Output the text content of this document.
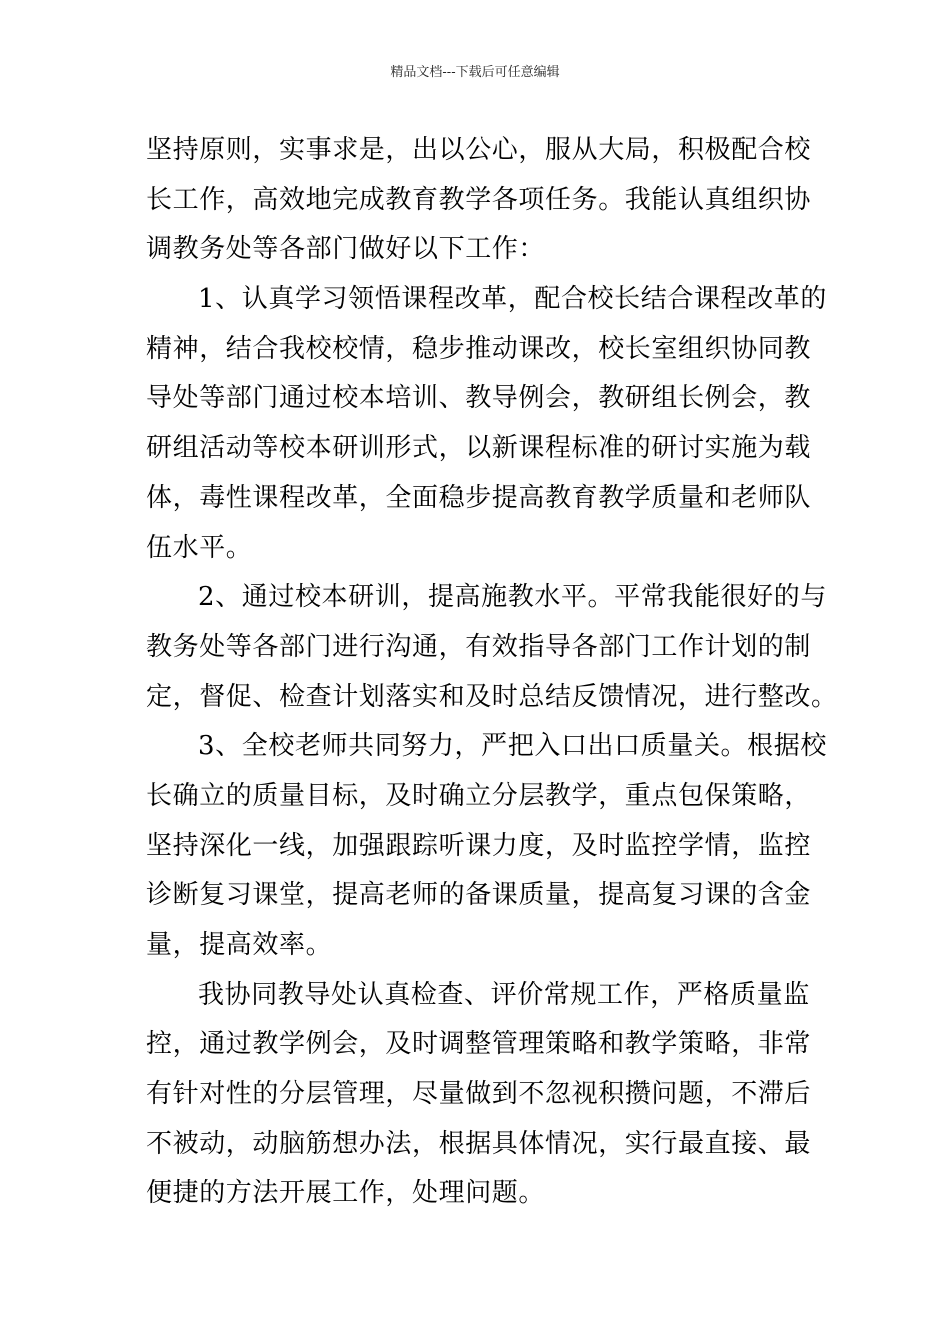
精品文档---下载后可任意编辑
坚持原则，实事求是，出以公心，服从大局，积极配合校
长工作，高效地完成教育教学各项任务。我能认真组织协
调教务处等各部门做好以下工作：
1、认真学习领悟课程改革，配合校长结合课程改革的
精神，结合我校校情，稳步推动课改，校长室组织协同教
导处等部门通过校本培训、教导例会，教研组长例会，教
研组活动等校本研训形式，以新课程标准的研讨实施为载
体，毒性课程改革，全面稳步提高教育教学质量和老师队
伍水平。
2、通过校本研训，提高施教水平。平常我能很好的与
教务处等各部门进行沟通，有效指导各部门工作计划的制
定，督促、检查计划落实和及时总结反馈情况，进行整改。
3、全校老师共同努力，严把入口出口质量关。根据校
长确立的质量目标，及时确立分层教学，重点包保策略，
坚持深化一线，加强跟踪听课力度，及时监控学情，监控
诊断复习课堂，提高老师的备课质量，提高复习课的含金
量，提高效率。
我协同教导处认真检查、评价常规工作，严格质量监
控，通过教学例会，及时调整管理策略和教学策略，非常
有针对性的分层管理，尽量做到不忽视积攒问题，不滞后
不被动，动脑筋想办法，根据具体情况，实行最直接、最
便捷的方法开展工作，处理问题。
